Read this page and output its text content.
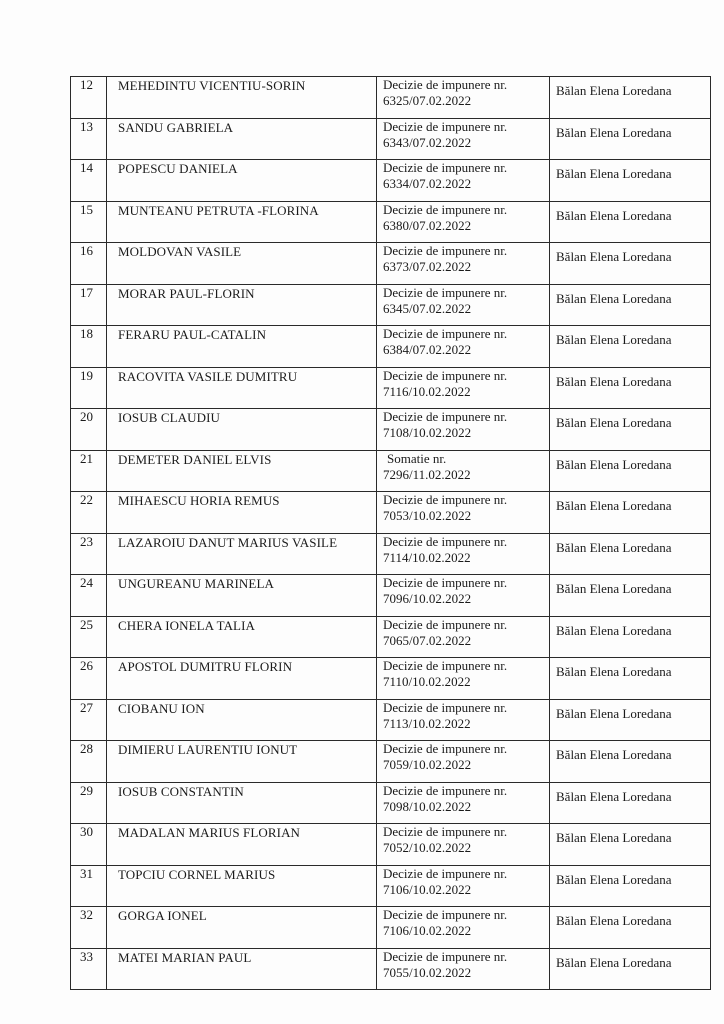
12	MEHEDINTU VICENTIU-SORIN	Decizie de impunere nr.
6325/07.02.2022	Bălan Elena Loredana
13	SANDU GABRIELA	Decizie de impunere nr.
6343/07.02.2022	Bălan Elena Loredana
14	POPESCU DANIELA	Decizie de impunere nr.
6334/07.02.2022	Bălan Elena Loredana
15	MUNTEANU PETRUTA -FLORINA	Decizie de impunere nr.
6380/07.02.2022	Bălan Elena Loredana
16	MOLDOVAN VASILE	Decizie de impunere nr.
6373/07.02.2022	Bălan Elena Loredana
17	MORAR PAUL-FLORIN	Decizie de impunere nr.
6345/07.02.2022	Bălan Elena Loredana
18	FERARU PAUL-CATALIN	Decizie de impunere nr.
6384/07.02.2022	Bălan Elena Loredana
19	RACOVITA VASILE DUMITRU	Decizie de impunere nr.
7116/10.02.2022	Bălan Elena Loredana
20	IOSUB CLAUDIU	Decizie de impunere nr.
7108/10.02.2022	Bălan Elena Loredana
21	DEMETER DANIEL ELVIS	Somatie nr.
7296/11.02.2022	Bălan Elena Loredana
22	MIHAESCU HORIA REMUS	Decizie de impunere nr.
7053/10.02.2022	Bălan Elena Loredana
23	LAZAROIU DANUT MARIUS VASILE	Decizie de impunere nr.
7114/10.02.2022	Bălan Elena Loredana
24	UNGUREANU MARINELA	Decizie de impunere nr.
7096/10.02.2022	Bălan Elena Loredana
25	CHERA IONELA TALIA	Decizie de impunere nr.
7065/07.02.2022	Bălan Elena Loredana
26	APOSTOL DUMITRU FLORIN	Decizie de impunere nr.
7110/10.02.2022	Bălan Elena Loredana
27	CIOBANU ION	Decizie de impunere nr.
7113/10.02.2022	Bălan Elena Loredana
28	DIMIERU LAURENTIU IONUT	Decizie de impunere nr.
7059/10.02.2022	Bălan Elena Loredana
29	IOSUB CONSTANTIN	Decizie de impunere nr.
7098/10.02.2022	Bălan Elena Loredana
30	MADALAN MARIUS FLORIAN	Decizie de impunere nr.
7052/10.02.2022	Bălan Elena Loredana
31	TOPCIU CORNEL MARIUS	Decizie de impunere nr.
7106/10.02.2022	Bălan Elena Loredana
32	GORGA IONEL	Decizie de impunere nr.
7106/10.02.2022	Bălan Elena Loredana
33	MATEI MARIAN PAUL	Decizie de impunere nr.
7055/10.02.2022	Bălan Elena Loredana
